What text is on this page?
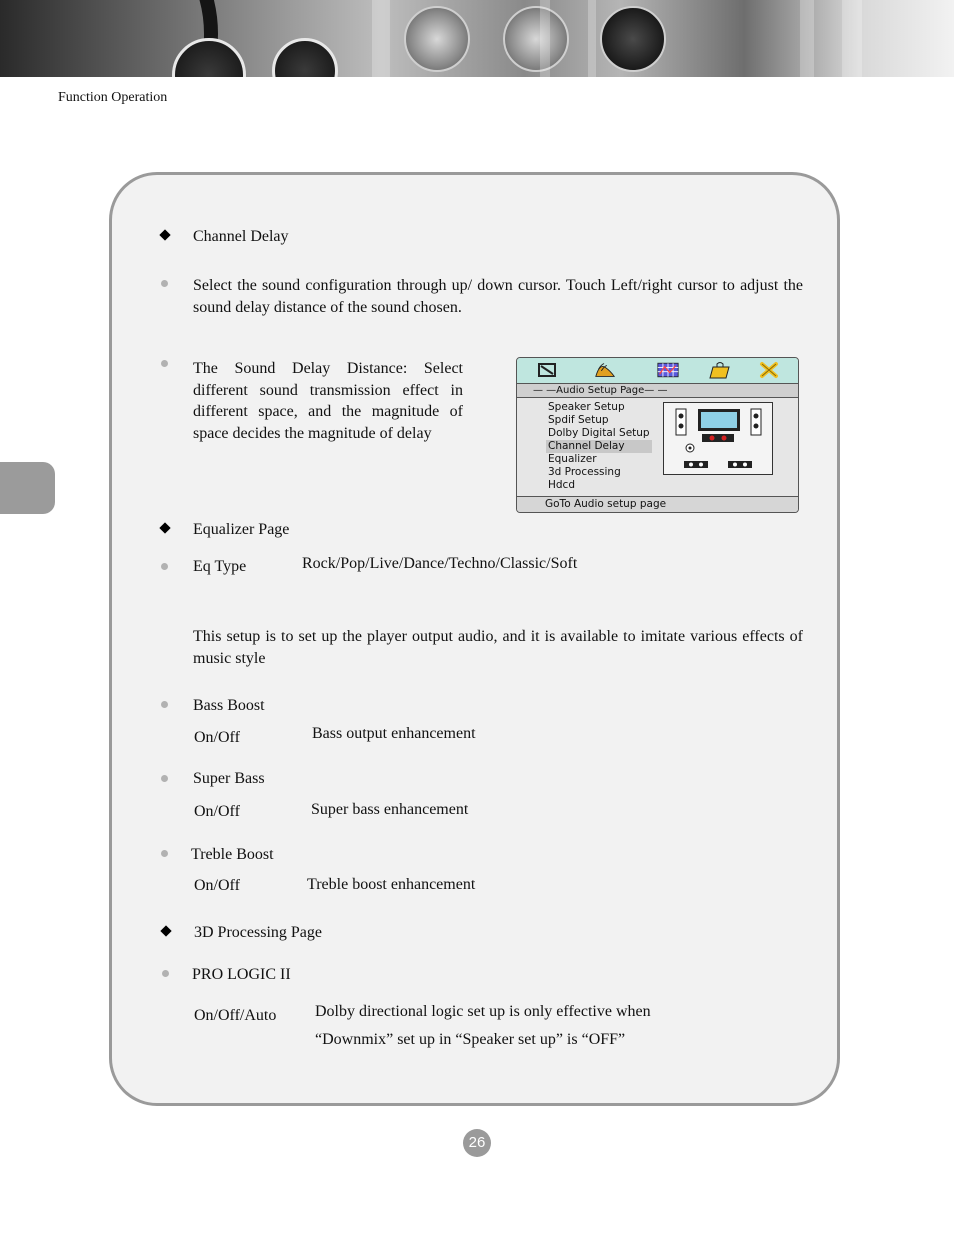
Function Operation
Channel Delay
Select the sound configuration through up/ down cursor. Touch Left/right cursor to adjust the sound delay distance of the sound chosen.
The Sound Delay Distance: Select different sound transmission effect in different space, and the magnitude of space decides the magnitude of delay
— —Audio Setup Page— —
Speaker Setup
Spdif Setup
Dolby Digital Setup
Channel Delay
Equalizer
3d Processing
Hdcd
GoTo Audio setup page
Equalizer Page
Eq Type	Rock/Pop/Live/Dance/Techno/Classic/Soft
This setup is to set up the player output audio, and it is available to imitate various effects of music style
Bass Boost
On/Off	Bass output enhancement
Super Bass
On/Off	Super bass enhancement
Treble Boost
On/Off	Treble boost enhancement
3D Processing Page
PRO LOGIC II
On/Off/Auto Dolby directional logic set up is only effective when
“Downmix” set up in “Speaker set up” is “OFF”
26
